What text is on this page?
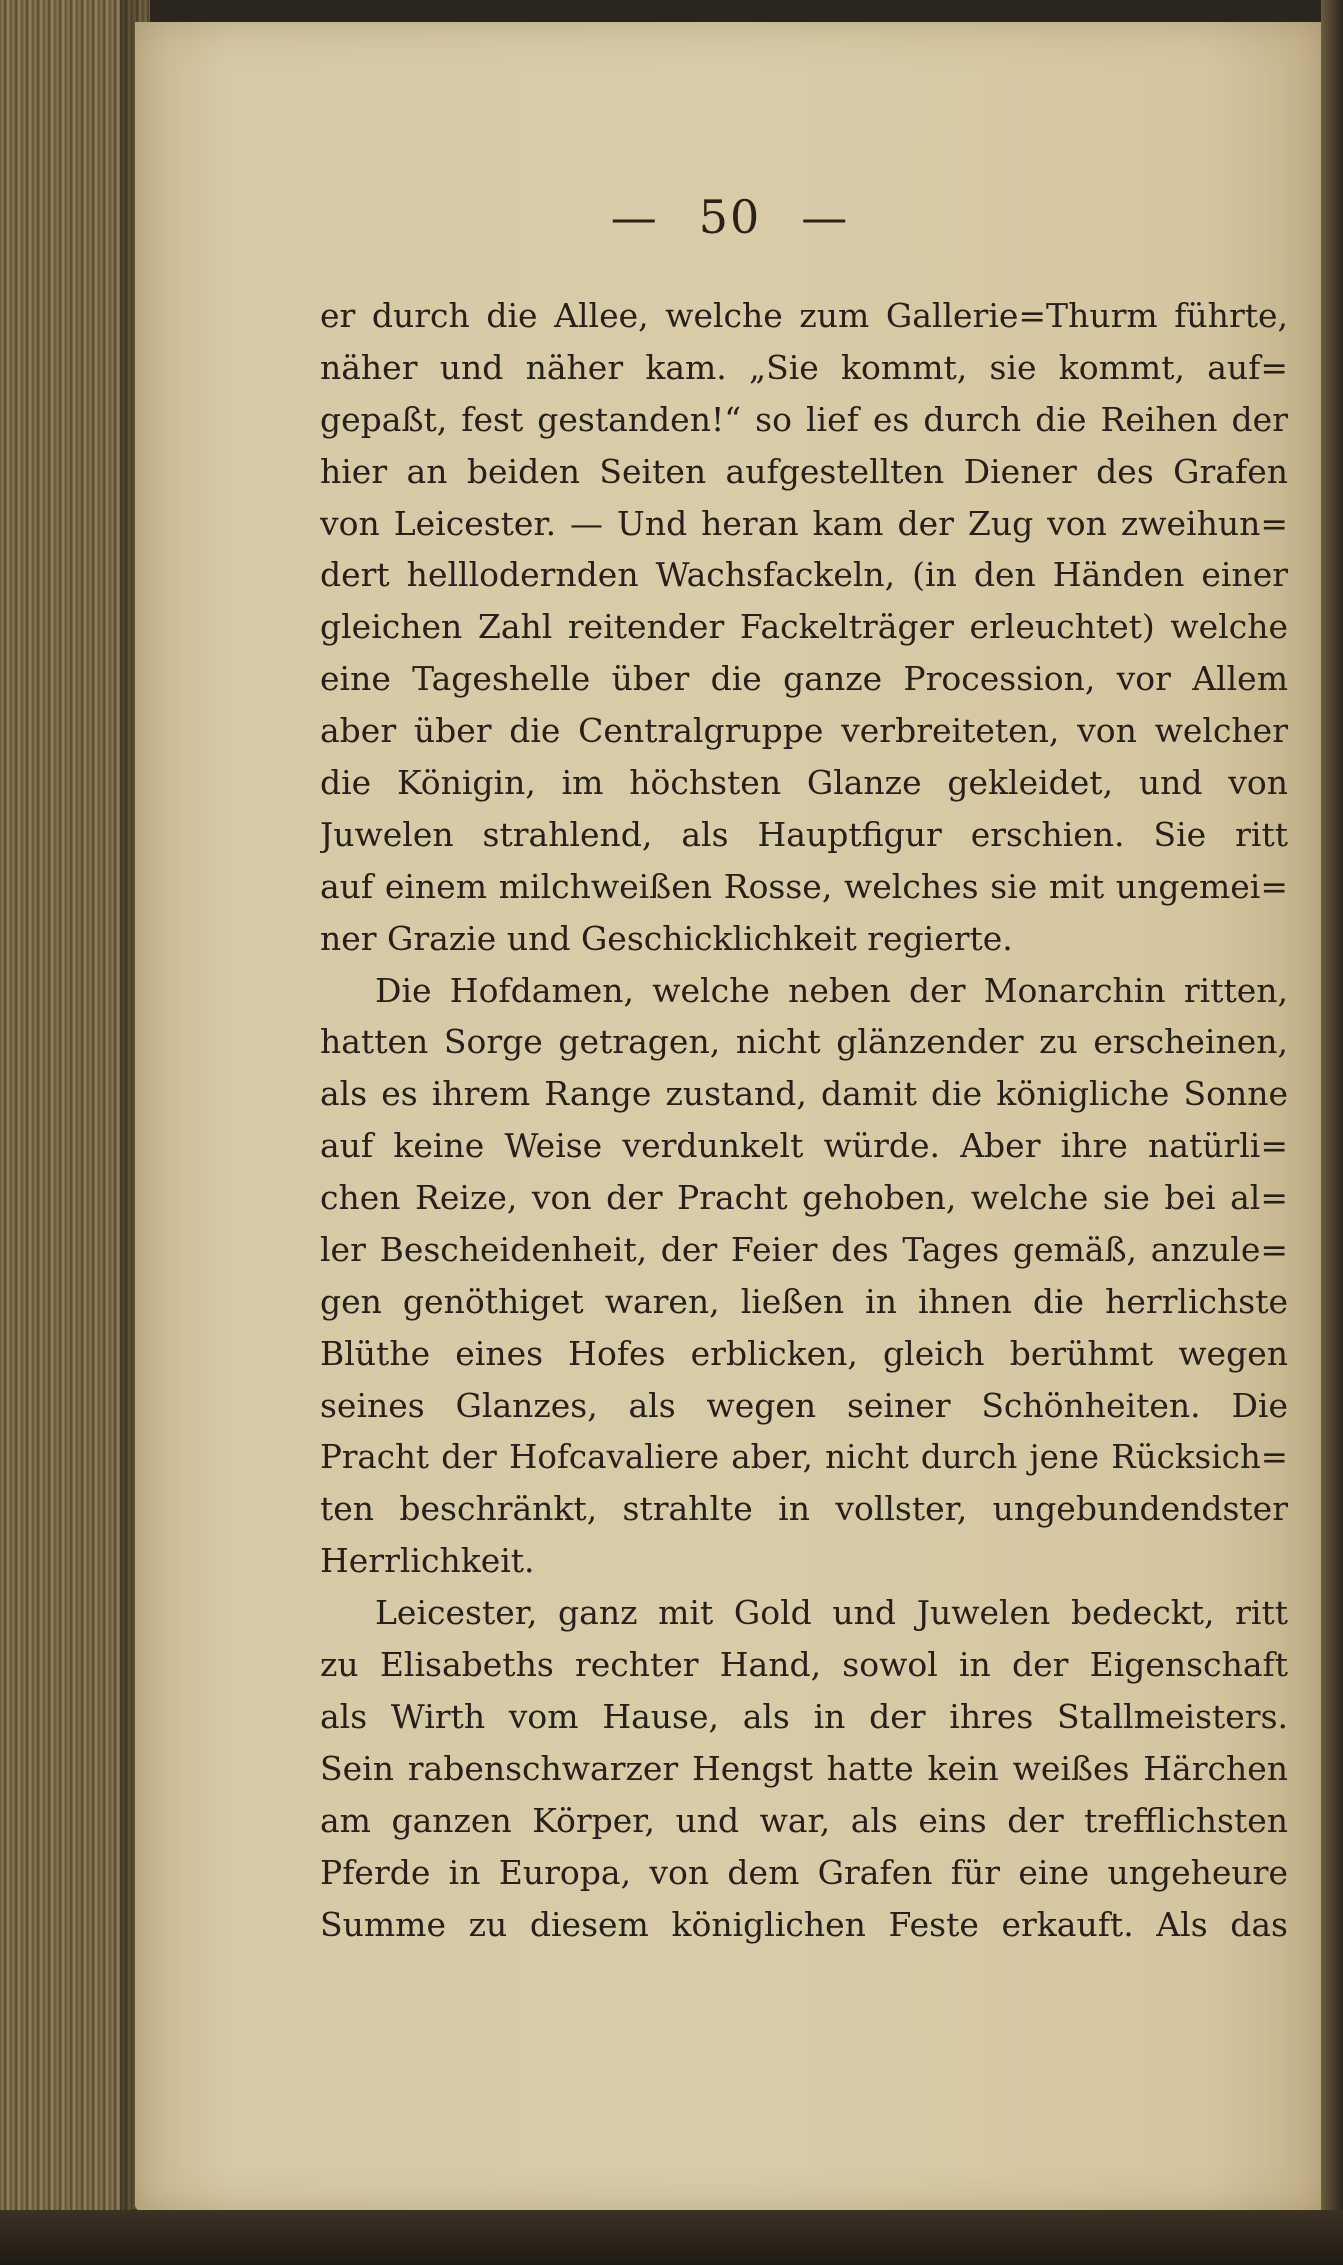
— 50 —
er durch die Allee, welche zum Gallerie=Thurm führte,
näher und näher kam. „Sie kommt, sie kommt, auf=
gepaßt, fest gestanden!“ so lief es durch die Reihen der
hier an beiden Seiten aufgestellten Diener des Grafen
von Leicester. — Und heran kam der Zug von zweihun=
dert helllodernden Wachsfackeln, (in den Händen einer
gleichen Zahl reitender Fackelträger erleuchtet) welche
eine Tageshelle über die ganze Procession, vor Allem
aber über die Centralgruppe verbreiteten, von welcher
die Königin, im höchsten Glanze gekleidet, und von
Juwelen strahlend, als Hauptfigur erschien. Sie ritt
auf einem milchweißen Rosse, welches sie mit ungemei=
ner Grazie und Geschicklichkeit regierte.
Die Hofdamen, welche neben der Monarchin ritten,
hatten Sorge getragen, nicht glänzender zu erscheinen,
als es ihrem Range zustand, damit die königliche Sonne
auf keine Weise verdunkelt würde. Aber ihre natürli=
chen Reize, von der Pracht gehoben, welche sie bei al=
ler Bescheidenheit, der Feier des Tages gemäß, anzule=
gen genöthiget waren, ließen in ihnen die herrlichste
Blüthe eines Hofes erblicken, gleich berühmt wegen
seines Glanzes, als wegen seiner Schönheiten. Die
Pracht der Hofcavaliere aber, nicht durch jene Rücksich=
ten beschränkt, strahlte in vollster, ungebundendster
Herrlichkeit.
Leicester, ganz mit Gold und Juwelen bedeckt, ritt
zu Elisabeths rechter Hand, sowol in der Eigenschaft
als Wirth vom Hause, als in der ihres Stallmeisters.
Sein rabenschwarzer Hengst hatte kein weißes Härchen
am ganzen Körper, und war, als eins der trefflichsten
Pferde in Europa, von dem Grafen für eine ungeheure
Summe zu diesem königlichen Feste erkauft. Als das
